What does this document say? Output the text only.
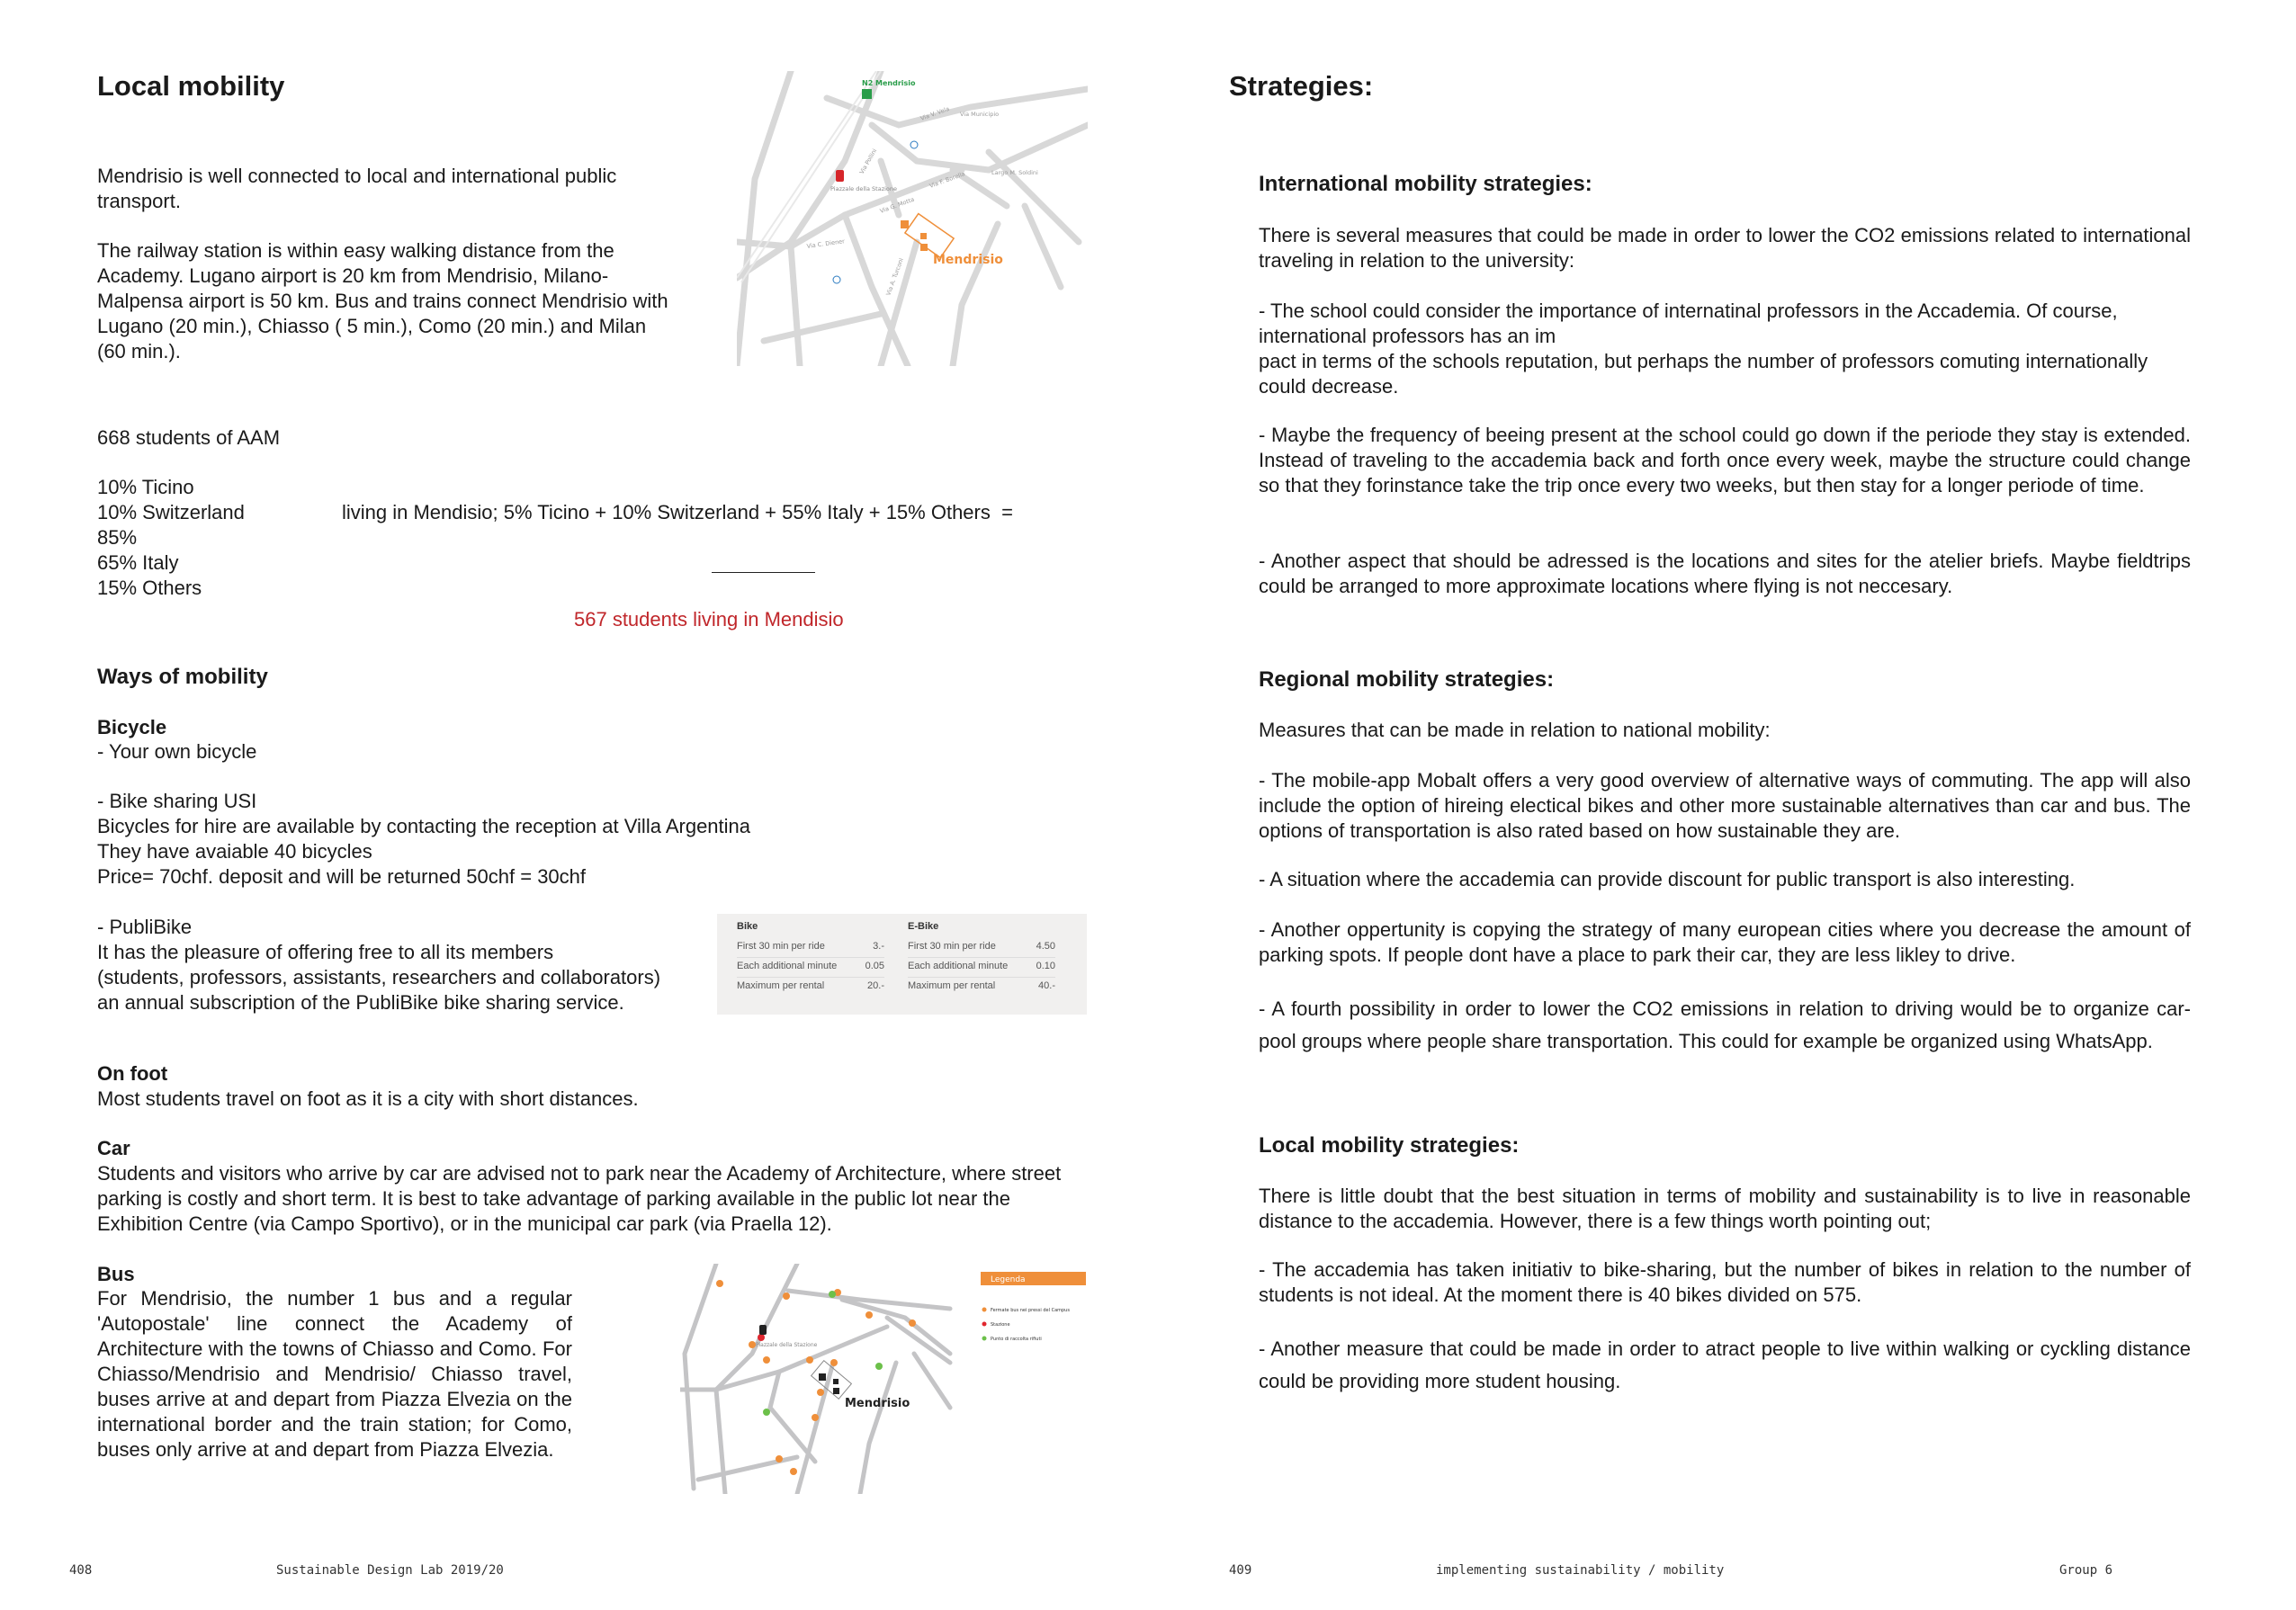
Local mobility

Mendrisio is well connected to local and international public transport.

The railway station is within easy walking distance from the Academy. Lugano airport is 20 km from Mendrisio, Milano-Malpensa airport is 50 km. Bus and trains connect Mendrisio with Lugano (20 min.), Chiasso ( 5 min.), Como (20 min.) and Milan (60 min.).

N2 Mendrisio
Piazzale della Stazione
Mendrisio
Via Municipio
Via V. Vela
Largo M. Soldini
Via Pollini
Via A. Turconi
Via G. Motta
Via C. Diener
Via F. Borella
668 students of AAM
10% Ticino
10% Switzerland
85%
65% Italy
15% Others
living in Mendisio; 5% Ticino + 10% Switzerland + 55% Italy + 15% Others  =
567 students living in Mendisio
Ways of mobility
Bicycle
- Your own bicycle
- Bike sharing USI
Bicycles for hire are available by contacting the reception at Villa Argentina
They have avaiable 40 bicycles
Price= 70chf. deposit and will be returned 50chf = 30chf
- PubliBike
It has the pleasure of offering free to all its members
(students, professors, assistants, researchers and collaborators)
an annual subscription of the PubliBike bike sharing service.
Bike
First 30 min per ride	3.-
Each additional minute	0.05
Maximum per rental	20.-
E-Bike
First 30 min per ride	4.50
Each additional minute	0.10
Maximum per rental	40.-
On foot
Most students travel on foot as it is a city with short distances.
Car

Students and visitors who arrive by car are advised not to park near the Academy of Architecture, where street parking is costly and short term. It is best to take advantage of parking available in the public lot near the Exhibition Centre (via Campo Sportivo), or in the municipal car park (via Praella 12).

Bus

For Mendrisio, the number 1 bus and a regular 'Autopostale' line connect the Academy of Architecture with the towns of Chiasso and Como. For Chiasso/Mendrisio and Mendrisio/ Chiasso travel, buses arrive at and depart from Piazza Elvezia on the international border and the train station; for Como, buses only arrive at and depart from Piazza Elvezia.

Piazzale della Stazione
Mendrisio
Legenda
Fermate bus nei pressi del Campus
Stazione
Punto di raccolta rifiuti
408	Sustainable Design Lab 2019/20
Strategies:
International mobility strategies:

There is several measures that could be made in order to lower the CO2 emissions related to international traveling in relation to the university:

- The school could consider the importance of internatinal professors in the Accademia. Of course, international professors has an im

pact in terms of the schools reputation, but perhaps the number of professors comuting internationally could decrease.

- Maybe the frequency of beeing present at the school could go down if the periode they stay is extended. Instead of traveling to the accademia back and forth once every week, maybe the structure could change so that they forinstance take the trip once every two weeks, but then stay for a longer periode of time.

- Another aspect that should be adressed is the locations and sites for the atelier briefs. Maybe fieldtrips could be arranged to more approximate locations where flying is not neccesary.

Regional mobility strategies:

Measures that can be made in relation to national mobility:

- The mobile-app Mobalt offers a very good overview of alternative ways of commuting. The app will also include the option of hireing electical bikes and other more sustainable alternatives than car and bus. The options of transportation is also rated based on how sustainable they are.

- A situation where the accademia can provide discount for public transport is also interesting.

- Another oppertunity is copying the strategy of many european cities where you decrease the amount of parking spots. If people dont have a place to park their car, they are less likley to drive.

- A fourth possibility in order to lower the CO2 emissions in relation to driving would be to organize car-pool groups where people share transportation. This could for example be organized using WhatsApp.

Local mobility strategies:

There is little doubt that the best situation in terms of mobility and sustainability is to live in reasonable distance to the accademia. However, there is a few things worth pointing out;

- The accademia has taken initiativ to bike-sharing, but the number of bikes in relation to the number of students is not ideal. At the moment there is 40 bikes divided on 575.

- Another measure that could be made in order to atract people to live within walking or cyckling distance could be providing more student housing.

409	implementing sustainability / mobility	Group 6
